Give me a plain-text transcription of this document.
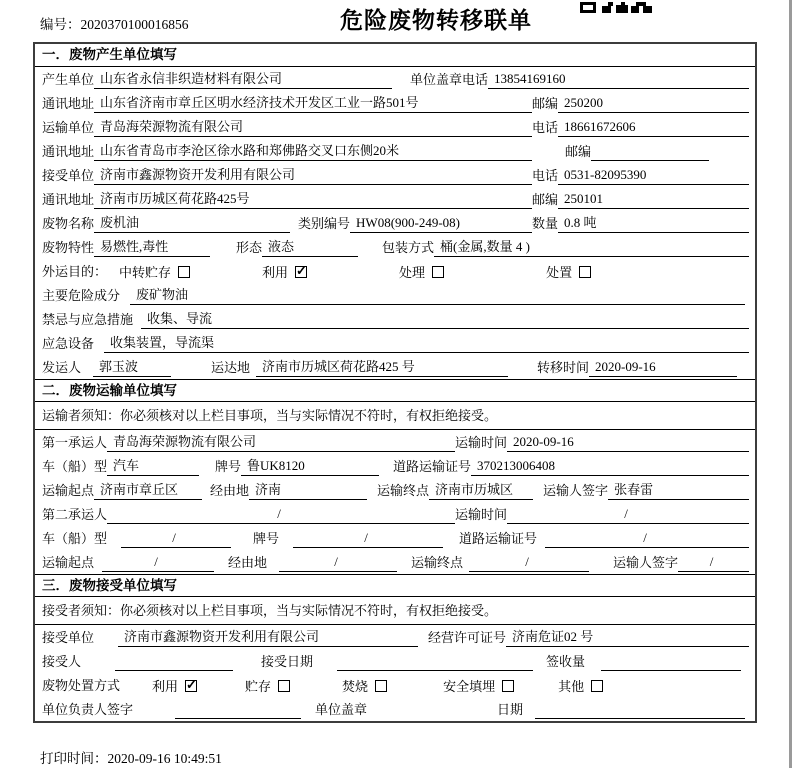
编号：2020370100016856	危险废物转移联单
一．废物产生单位填写
产生单位 山东省永信非织造材料有限公司	单位盖章 电话 13854169160
通讯地址 山东省济南市章丘区明水经济技术开发区工业一路501号	邮编 250200
运输单位 青岛海荣源物流有限公司	电话 18661672606
通讯地址 山东省青岛市李沧区徐水路和郑佛路交叉口东侧20米	邮编
接受单位 济南市鑫源物资开发利用有限公司	电话 0531-82095390
通讯地址 济南市历城区荷花路425号	邮编 250101
废物名称 废机油	类别编号 HW08(900-249-08)	数量 0.8 吨
废物特性 易燃性,毒性	形态 液态	包装方式 桶(金属,数量 4 )
外运目的： 中转贮存	利用 ✓	处理	处置
主要危险成分	废矿物油
禁忌与应急措施	收集、导流
应急设备	收集装置，导流渠
发运人	郭玉波	运达地 济南市历城区荷花路425 号	转移时间 2020-09-16
二．废物运输单位填写
运输者须知：你必须核对以上栏目事项，当与实际情况不符时，有权拒绝接受。
第一承运人 青岛海荣源物流有限公司	运输时间 2020-09-16
车（船）型 汽车	牌号 鲁UK8120	道路运输证号 370213006408
运输起点 济南市章丘区	经由地 济南	运输终点 济南市历城区	运输人签字 张春雷
第二承运人	/	运输时间	/
车（船）型	/	牌号	/	道路运输证号	/
运输起点	/	经由地	/	运输终点	/	运输人签字	/
三．废物接受单位填写
接受者须知：你必须核对以上栏目事项，当与实际情况不符时，有权拒绝接受。
接受单位	济南市鑫源物资开发利用有限公司	经营许可证号 济南危证02 号
接受人	接受日期	签收量
废物处置方式 利用 ✓	贮存	焚烧	安全填埋	其他
单位负责人签字	单位盖章	日期
打印时间：2020-09-16 10:49:51
